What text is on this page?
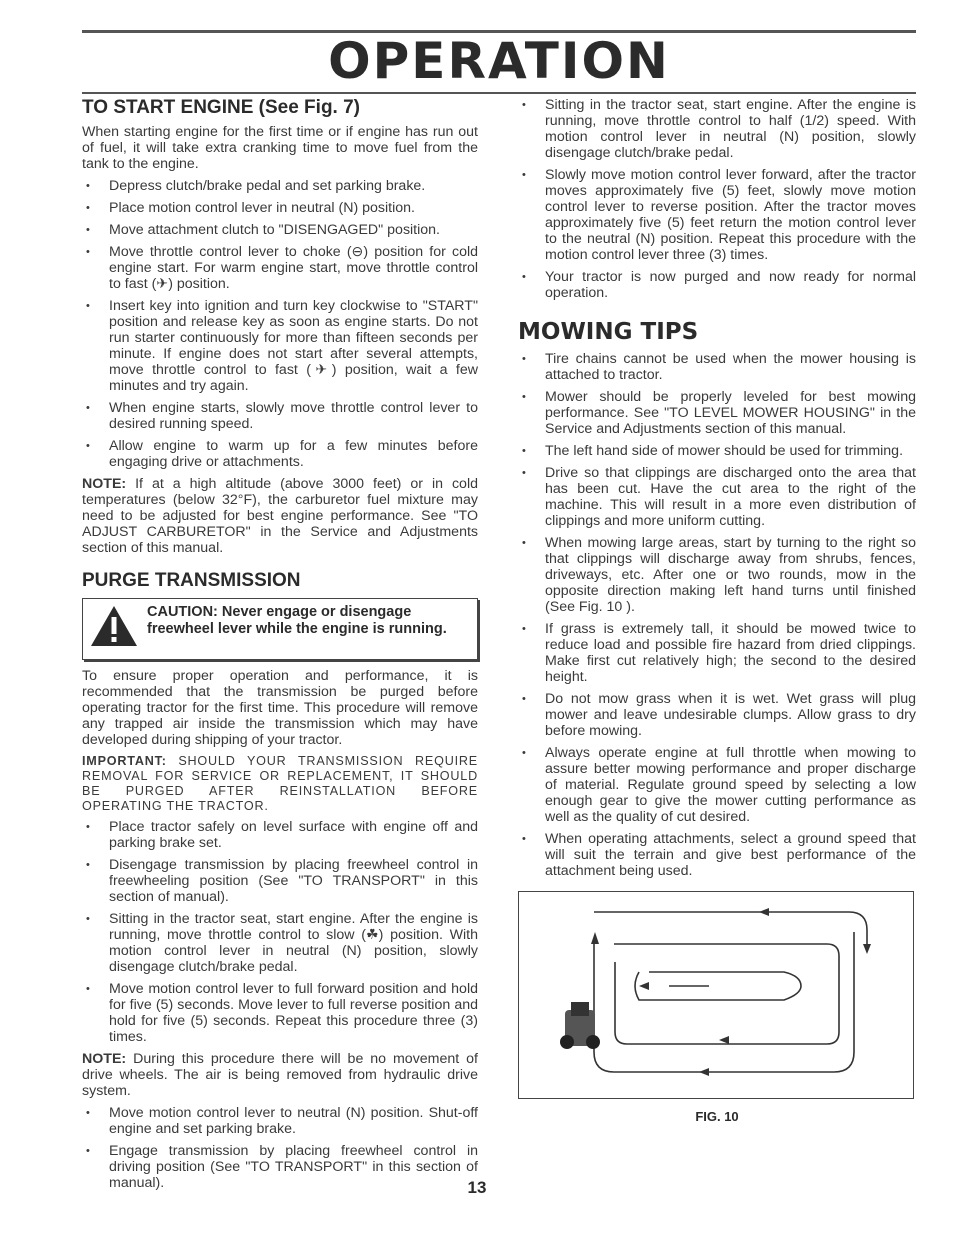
OPERATION
TO START ENGINE (See Fig. 7)

When starting engine for the first time or if engine has run out of fuel, it will take extra cranking time to move fuel from the tank to the engine.

• Depress clutch/brake pedal and set parking brake.
• Place motion control lever in neutral (N) position.
• Move attachment clutch to "DISENGAGED" position.
• Move throttle control lever to choke (⊖) position for cold engine start. For warm engine start, move throttle control to fast (✈) position.
• Insert key into ignition and turn key clockwise to "START" position and release key as soon as engine starts. Do not run starter continuously for more than fifteen seconds per minute. If engine does not start after several attempts, move throttle control to fast (✈) position, wait a few minutes and try again.
• When engine starts, slowly move throttle control lever to desired running speed.
• Allow engine to warm up for a few minutes before engaging drive or attachments.

NOTE: If at a high altitude (above 3000 feet) or in cold temperatures (below 32°F), the carburetor fuel mixture may need to be adjusted for best engine performance. See "TO ADJUST CARBURETOR" in the Service and Adjustments section of this manual.

PURGE TRANSMISSION
CAUTION: Never engage or disengage freewheel lever while the engine is running.

To ensure proper operation and performance, it is recommended that the transmission be purged before operating tractor for the first time. This procedure will remove any trapped air inside the transmission which may have developed during shipping of your tractor.

IMPORTANT: SHOULD YOUR TRANSMISSION REQUIRE REMOVAL FOR SERVICE OR REPLACEMENT, IT SHOULD BE PURGED AFTER REINSTALLATION BEFORE OPERATING THE TRACTOR.

• Place tractor safely on level surface with engine off and parking brake set.
• Disengage transmission by placing freewheel control in freewheeling position (See "TO TRANSPORT" in this section of manual).
• Sitting in the tractor seat, start engine. After the engine is running, move throttle control to slow (☘) position. With motion control lever in neutral (N) position, slowly disengage clutch/brake pedal.
• Move motion control lever to full forward position and hold for five (5) seconds. Move lever to full reverse position and hold for five (5) seconds. Repeat this procedure three (3) times.

NOTE: During this procedure there will be no movement of drive wheels. The air is being removed from hydraulic drive system.

• Move motion control lever to neutral (N) position. Shut-off engine and set parking brake.
• Engage transmission by placing freewheel control in driving position (See "TO TRANSPORT" in this section of manual).
• Sitting in the tractor seat, start engine. After the engine is running, move throttle control to half (1/2) speed. With motion control lever in neutral (N) position, slowly disengage clutch/brake pedal.
• Slowly move motion control lever forward, after the tractor moves approximately five (5) feet, slowly move motion control lever to reverse position. After the tractor moves approximately five (5) feet return the motion control lever to the neutral (N) position. Repeat this procedure with the motion control lever three (3) times.
• Your tractor is now purged and now ready for normal operation.
MOWING TIPS
• Tire chains cannot be used when the mower housing is attached to tractor.
• Mower should be properly leveled for best mowing performance. See "TO LEVEL MOWER HOUSING" in the Service and Adjustments section of this manual.
• The left hand side of mower should be used for trimming.
• Drive so that clippings are discharged onto the area that has been cut. Have the cut area to the right of the machine. This will result in a more even distribution of clippings and more uniform cutting.
• When mowing large areas, start by turning to the right so that clippings will discharge away from shrubs, fences, driveways, etc. After one or two rounds, mow in the opposite direction making left hand turns until finished (See Fig. 10 ).
• If grass is extremely tall, it should be mowed twice to reduce load and possible fire hazard from dried clippings. Make first cut relatively high; the second to the desired height.
• Do not mow grass when it is wet. Wet grass will plug mower and leave undesirable clumps. Allow grass to dry before mowing.
• Always operate engine at full throttle when mowing to assure better mowing performance and proper discharge of material. Regulate ground speed by selecting a low enough gear to give the mower cutting performance as well as the quality of cut desired.
• When operating attachments, select a ground speed that will suit the terrain and give best performance of the attachment being used.
FIG. 10
13
